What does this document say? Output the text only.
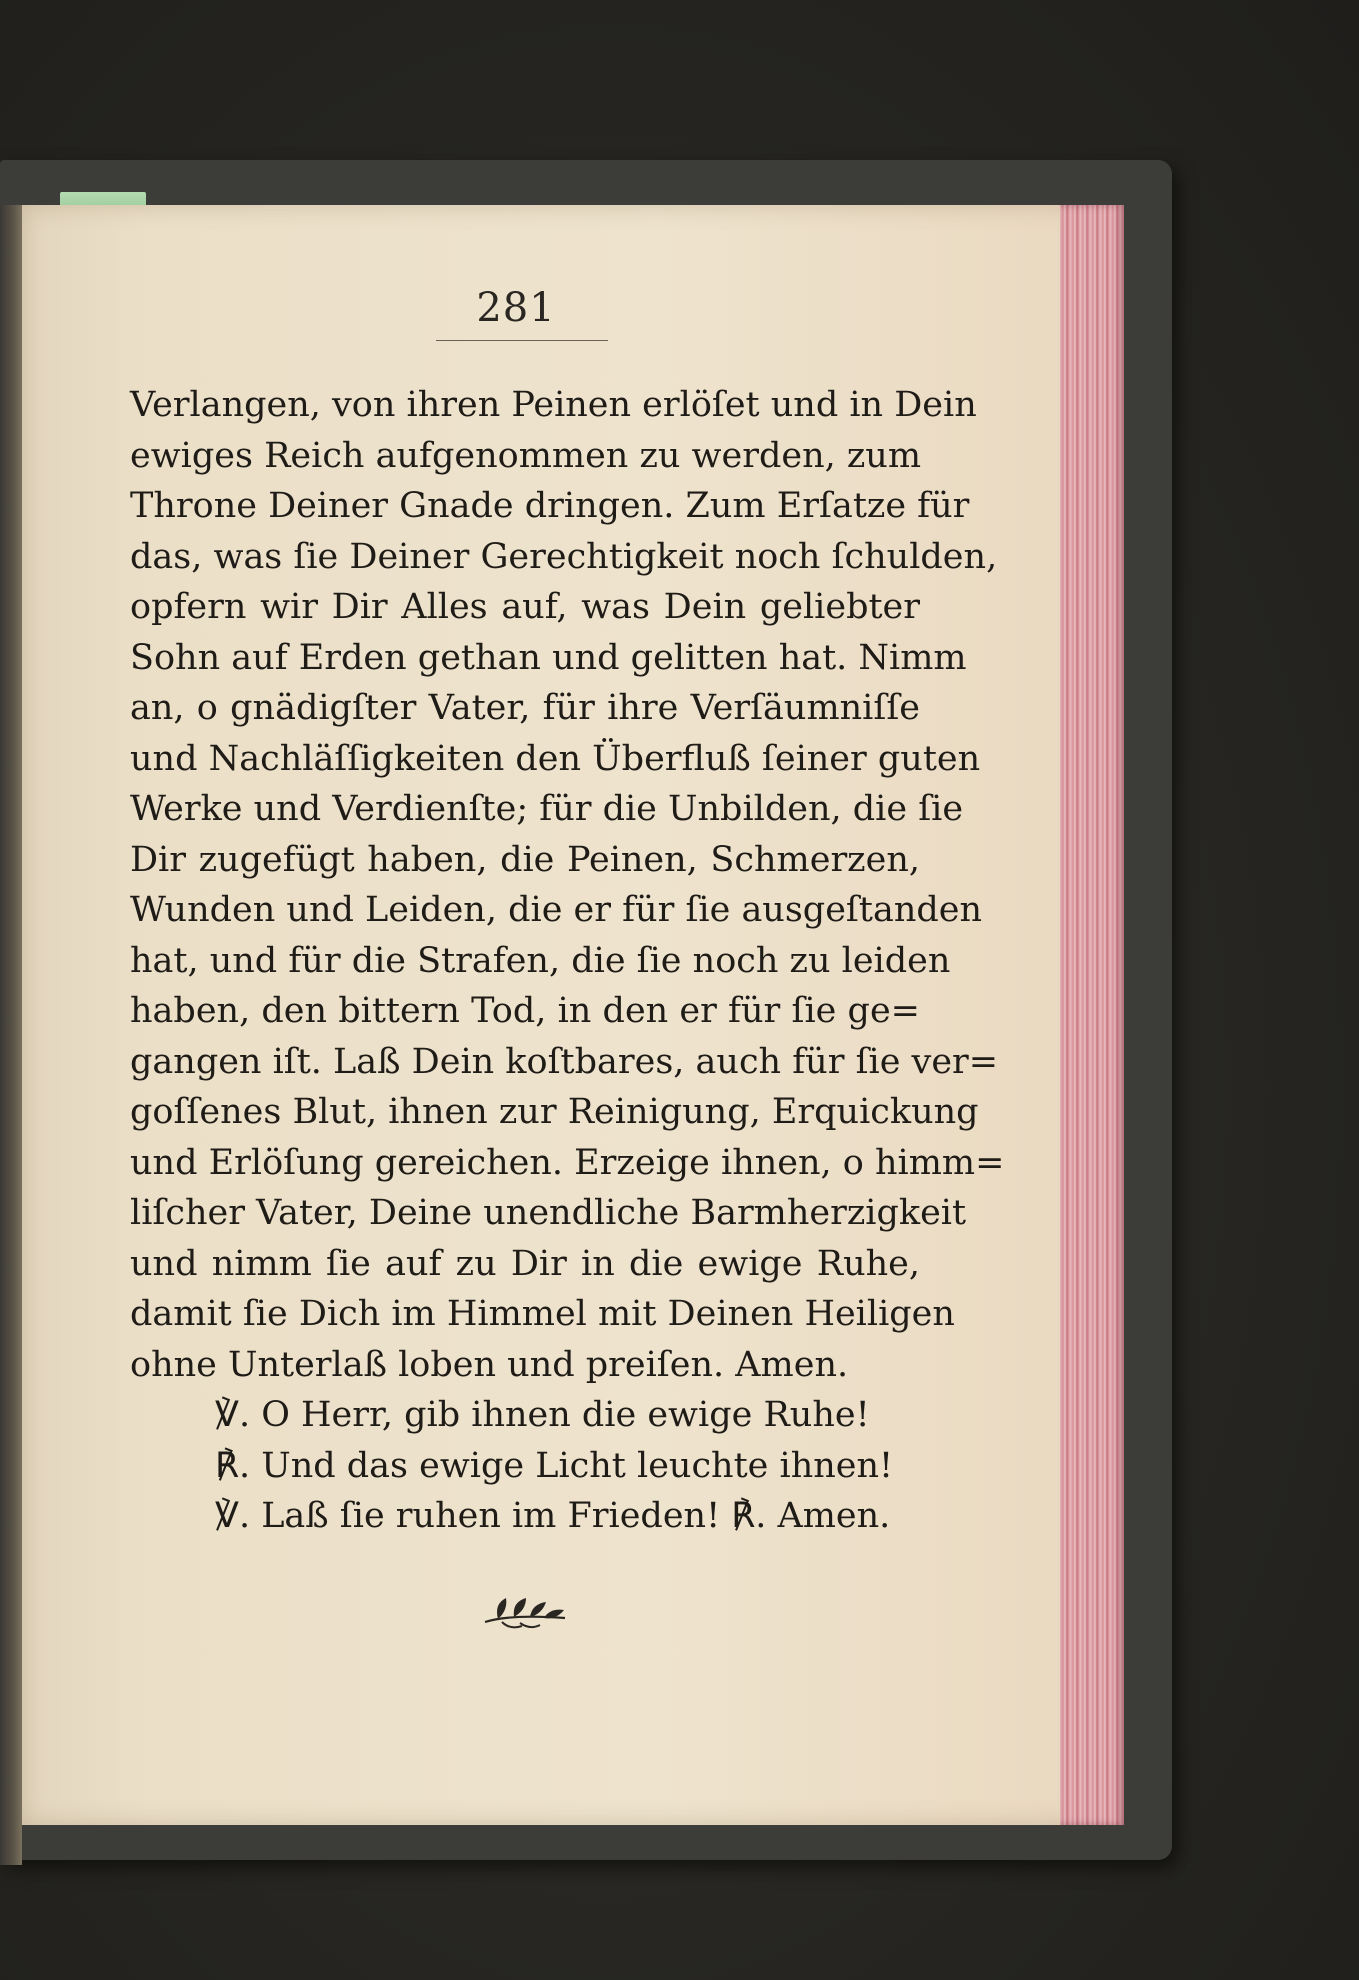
281
Verlangen, von ihren Peinen erlöſet und in Dein
ewiges Reich aufgenommen zu werden, zum
Throne Deiner Gnade dringen. Zum Erſatze für
das, was ſie Deiner Gerechtigkeit noch ſchulden,
opfern wir Dir Alles auf, was Dein geliebter
Sohn auf Erden gethan und gelitten hat. Nimm
an, o gnädigſter Vater, für ihre Verſäumniſſe
und Nachläſſigkeiten den Überfluß ſeiner guten
Werke und Verdienſte; für die Unbilden, die ſie
Dir zugefügt haben, die Peinen, Schmerzen,
Wunden und Leiden, die er für ſie ausgeſtanden
hat, und für die Strafen, die ſie noch zu leiden
haben, den bittern Tod, in den er für ſie ge=
gangen iſt. Laß Dein koſtbares, auch für ſie ver=
goſſenes Blut, ihnen zur Reinigung, Erquickung
und Erlöſung gereichen. Erzeige ihnen, o himm=
liſcher Vater, Deine unendliche Barmherzigkeit
und nimm ſie auf zu Dir in die ewige Ruhe,
damit ſie Dich im Himmel mit Deinen Heiligen
ohne Unterlaß loben und preiſen. Amen.
℣. O Herr, gib ihnen die ewige Ruhe!
℟. Und das ewige Licht leuchte ihnen!
℣. Laß ſie ruhen im Frieden! ℟. Amen.
